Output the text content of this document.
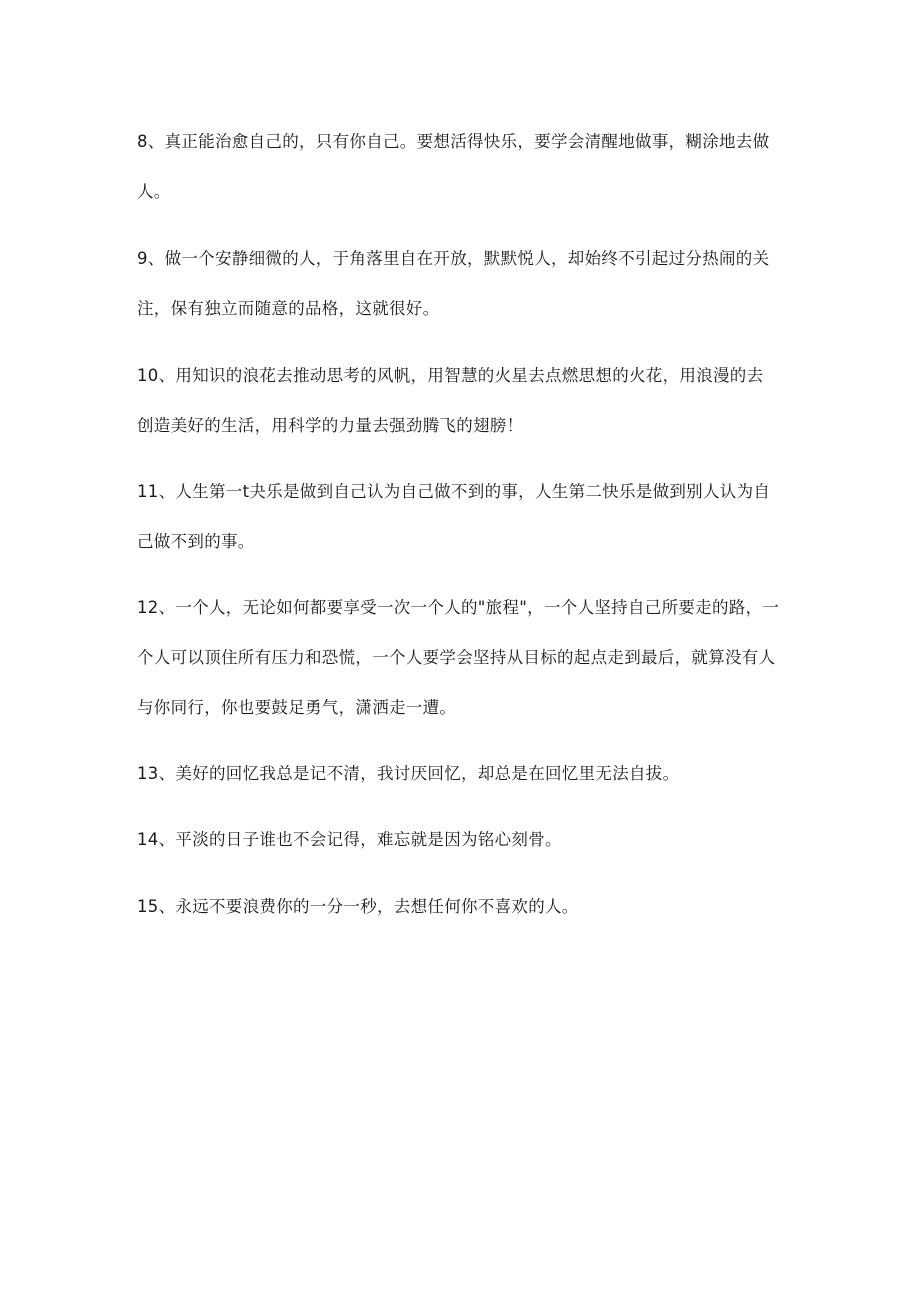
8、真正能治愈自己的，只有你自己。要想活得快乐，要学会清醒地做事，糊涂地去做
人。

9、做一个安静细微的人，于角落里自在开放，默默悦人，却始终不引起过分热闹的关
注，保有独立而随意的品格，这就很好。

10、用知识的浪花去推动思考的风帆，用智慧的火星去点燃思想的火花，用浪漫的去
创造美好的生活，用科学的力量去强劲腾飞的翅膀！

11、人生第一t夬乐是做到自己认为自己做不到的事，人生第二快乐是做到别人认为自
己做不到的事。

12、一个人，无论如何都要享受一次一个人的"旅程"，一个人坚持自己所要走的路，一
个人可以顶住所有压力和恐慌，一个人要学会坚持从目标的起点走到最后，就算没有人
与你同行，你也要鼓足勇气，潇洒走一遭。

13、美好的回忆我总是记不清，我讨厌回忆，却总是在回忆里无法自拔。

14、平淡的日子谁也不会记得，难忘就是因为铭心刻骨。

15、永远不要浪费你的一分一秒，去想任何你不喜欢的人。
